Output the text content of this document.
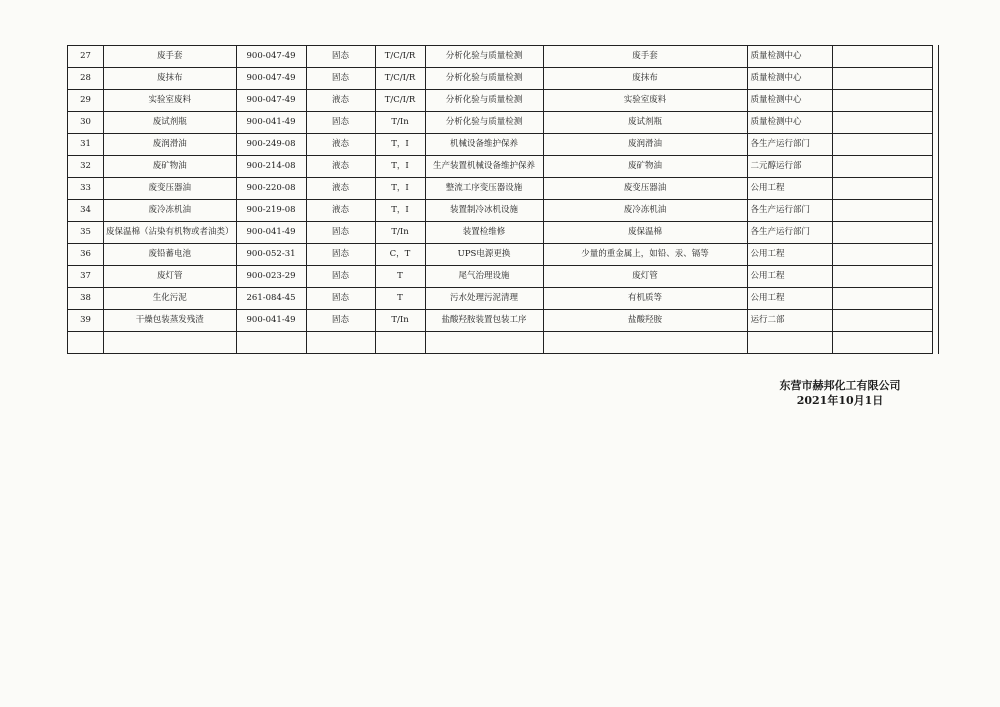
27	废手套	900-047-49	固态	T/C/I/R	分析化验与质量检测	废手套	质量检测中心	
28	废抹布	900-047-49	固态	T/C/I/R	分析化验与质量检测	废抹布	质量检测中心	
29	实验室废料	900-047-49	液态	T/C/I/R	分析化验与质量检测	实验室废料	质量检测中心	
30	废试剂瓶	900-041-49	固态	T/In	分析化验与质量检测	废试剂瓶	质量检测中心	
31	废润滑油	900-249-08	液态	T，I	机械设备维护保养	废润滑油	各生产运行部门	
32	废矿物油	900-214-08	液态	T，I	生产装置机械设备维护保养	废矿物油	二元醇运行部	
33	废变压器油	900-220-08	液态	T，I	整流工序变压器设施	废变压器油	公用工程	
34	废冷冻机油	900-219-08	液态	T，I	装置制冷冰机设施	废冷冻机油	各生产运行部门	
35	废保温棉（沾染有机物或者油类）	900-041-49	固态	T/In	装置检维修	废保温棉	各生产运行部门	
36	废铅蓄电池	900-052-31	固态	C，T	UPS电源更换	少量的重金属上，如铅、汞、镉等	公用工程	
37	废灯管	900-023-29	固态	T	尾气治理设施	废灯管	公用工程	
38	生化污泥	261-084-45	固态	T	污水处理污泥清理	有机质等	公用工程	
39	干燥包装蒸发残渣	900-041-49	固态	T/In	盐酸羟胺装置包装工序	盐酸羟胺	运行二部	

东营市赫邦化工有限公司
2021年10月1日
